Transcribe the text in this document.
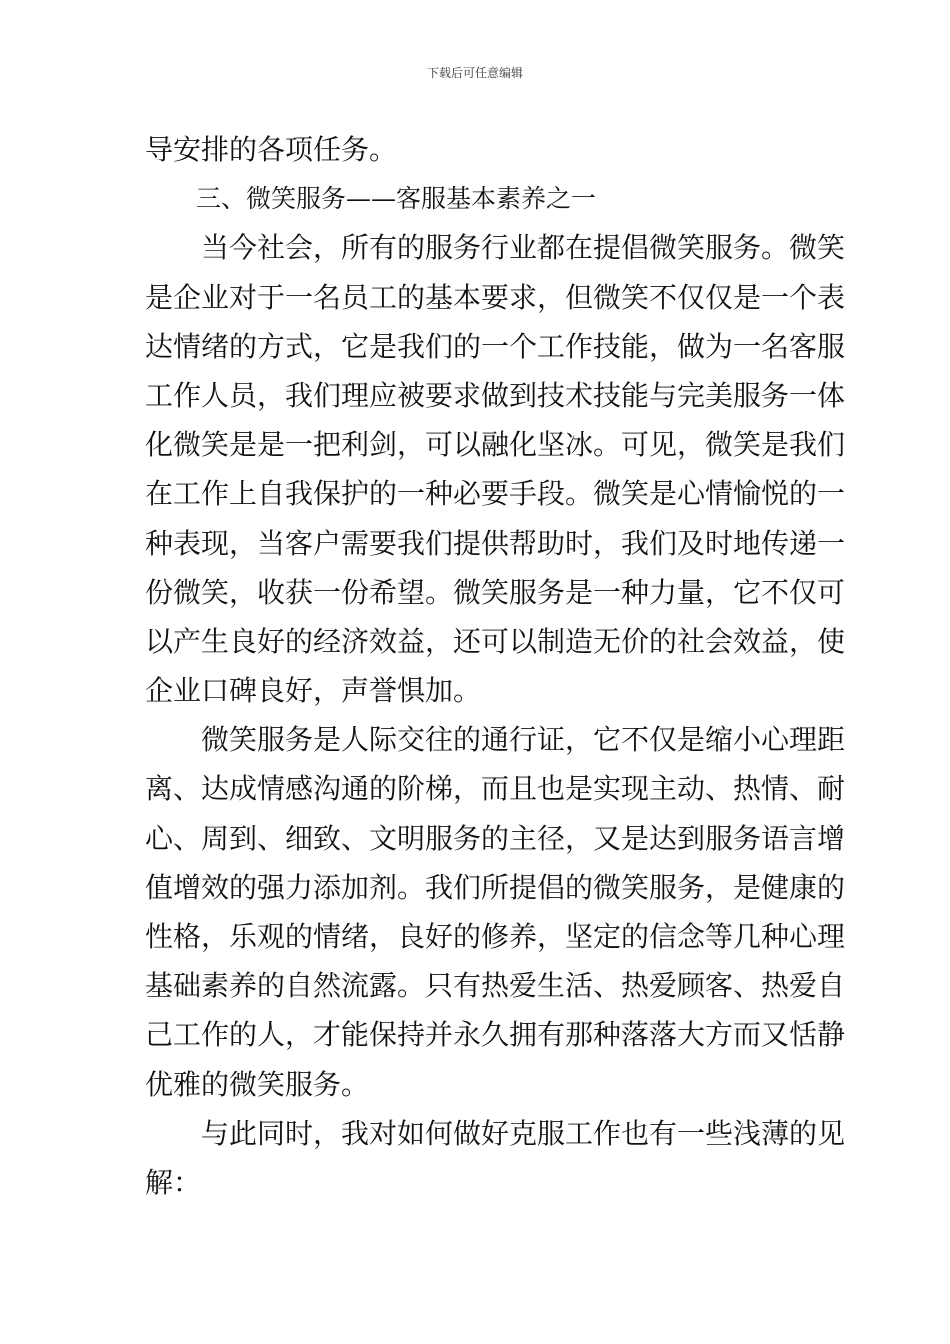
下载后可任意编辑
导安排的各项任务。
三、微笑服务——客服基本素养之一
当今社会，所有的服务行业都在提倡微笑服务。微笑
是企业对于一名员工的基本要求，但微笑不仅仅是一个表
达情绪的方式，它是我们的一个工作技能，做为一名客服
工作人员，我们理应被要求做到技术技能与完美服务一体
化微笑是是一把利剑，可以融化坚冰。可见，微笑是我们
在工作上自我保护的一种必要手段。微笑是心情愉悦的一
种表现，当客户需要我们提供帮助时，我们及时地传递一
份微笑，收获一份希望。微笑服务是一种力量，它不仅可
以产生良好的经济效益，还可以制造无价的社会效益，使
企业口碑良好，声誉惧加。
微笑服务是人际交往的通行证，它不仅是缩小心理距
离、达成情感沟通的阶梯，而且也是实现主动、热情、耐
心、周到、细致、文明服务的主径，又是达到服务语言增
值增效的强力添加剂。我们所提倡的微笑服务，是健康的
性格，乐观的情绪，良好的修养，坚定的信念等几种心理
基础素养的自然流露。只有热爱生活、热爱顾客、热爱自
己工作的人，才能保持并永久拥有那种落落大方而又恬静
优雅的微笑服务。
与此同时，我对如何做好克服工作也有一些浅薄的见
解：
